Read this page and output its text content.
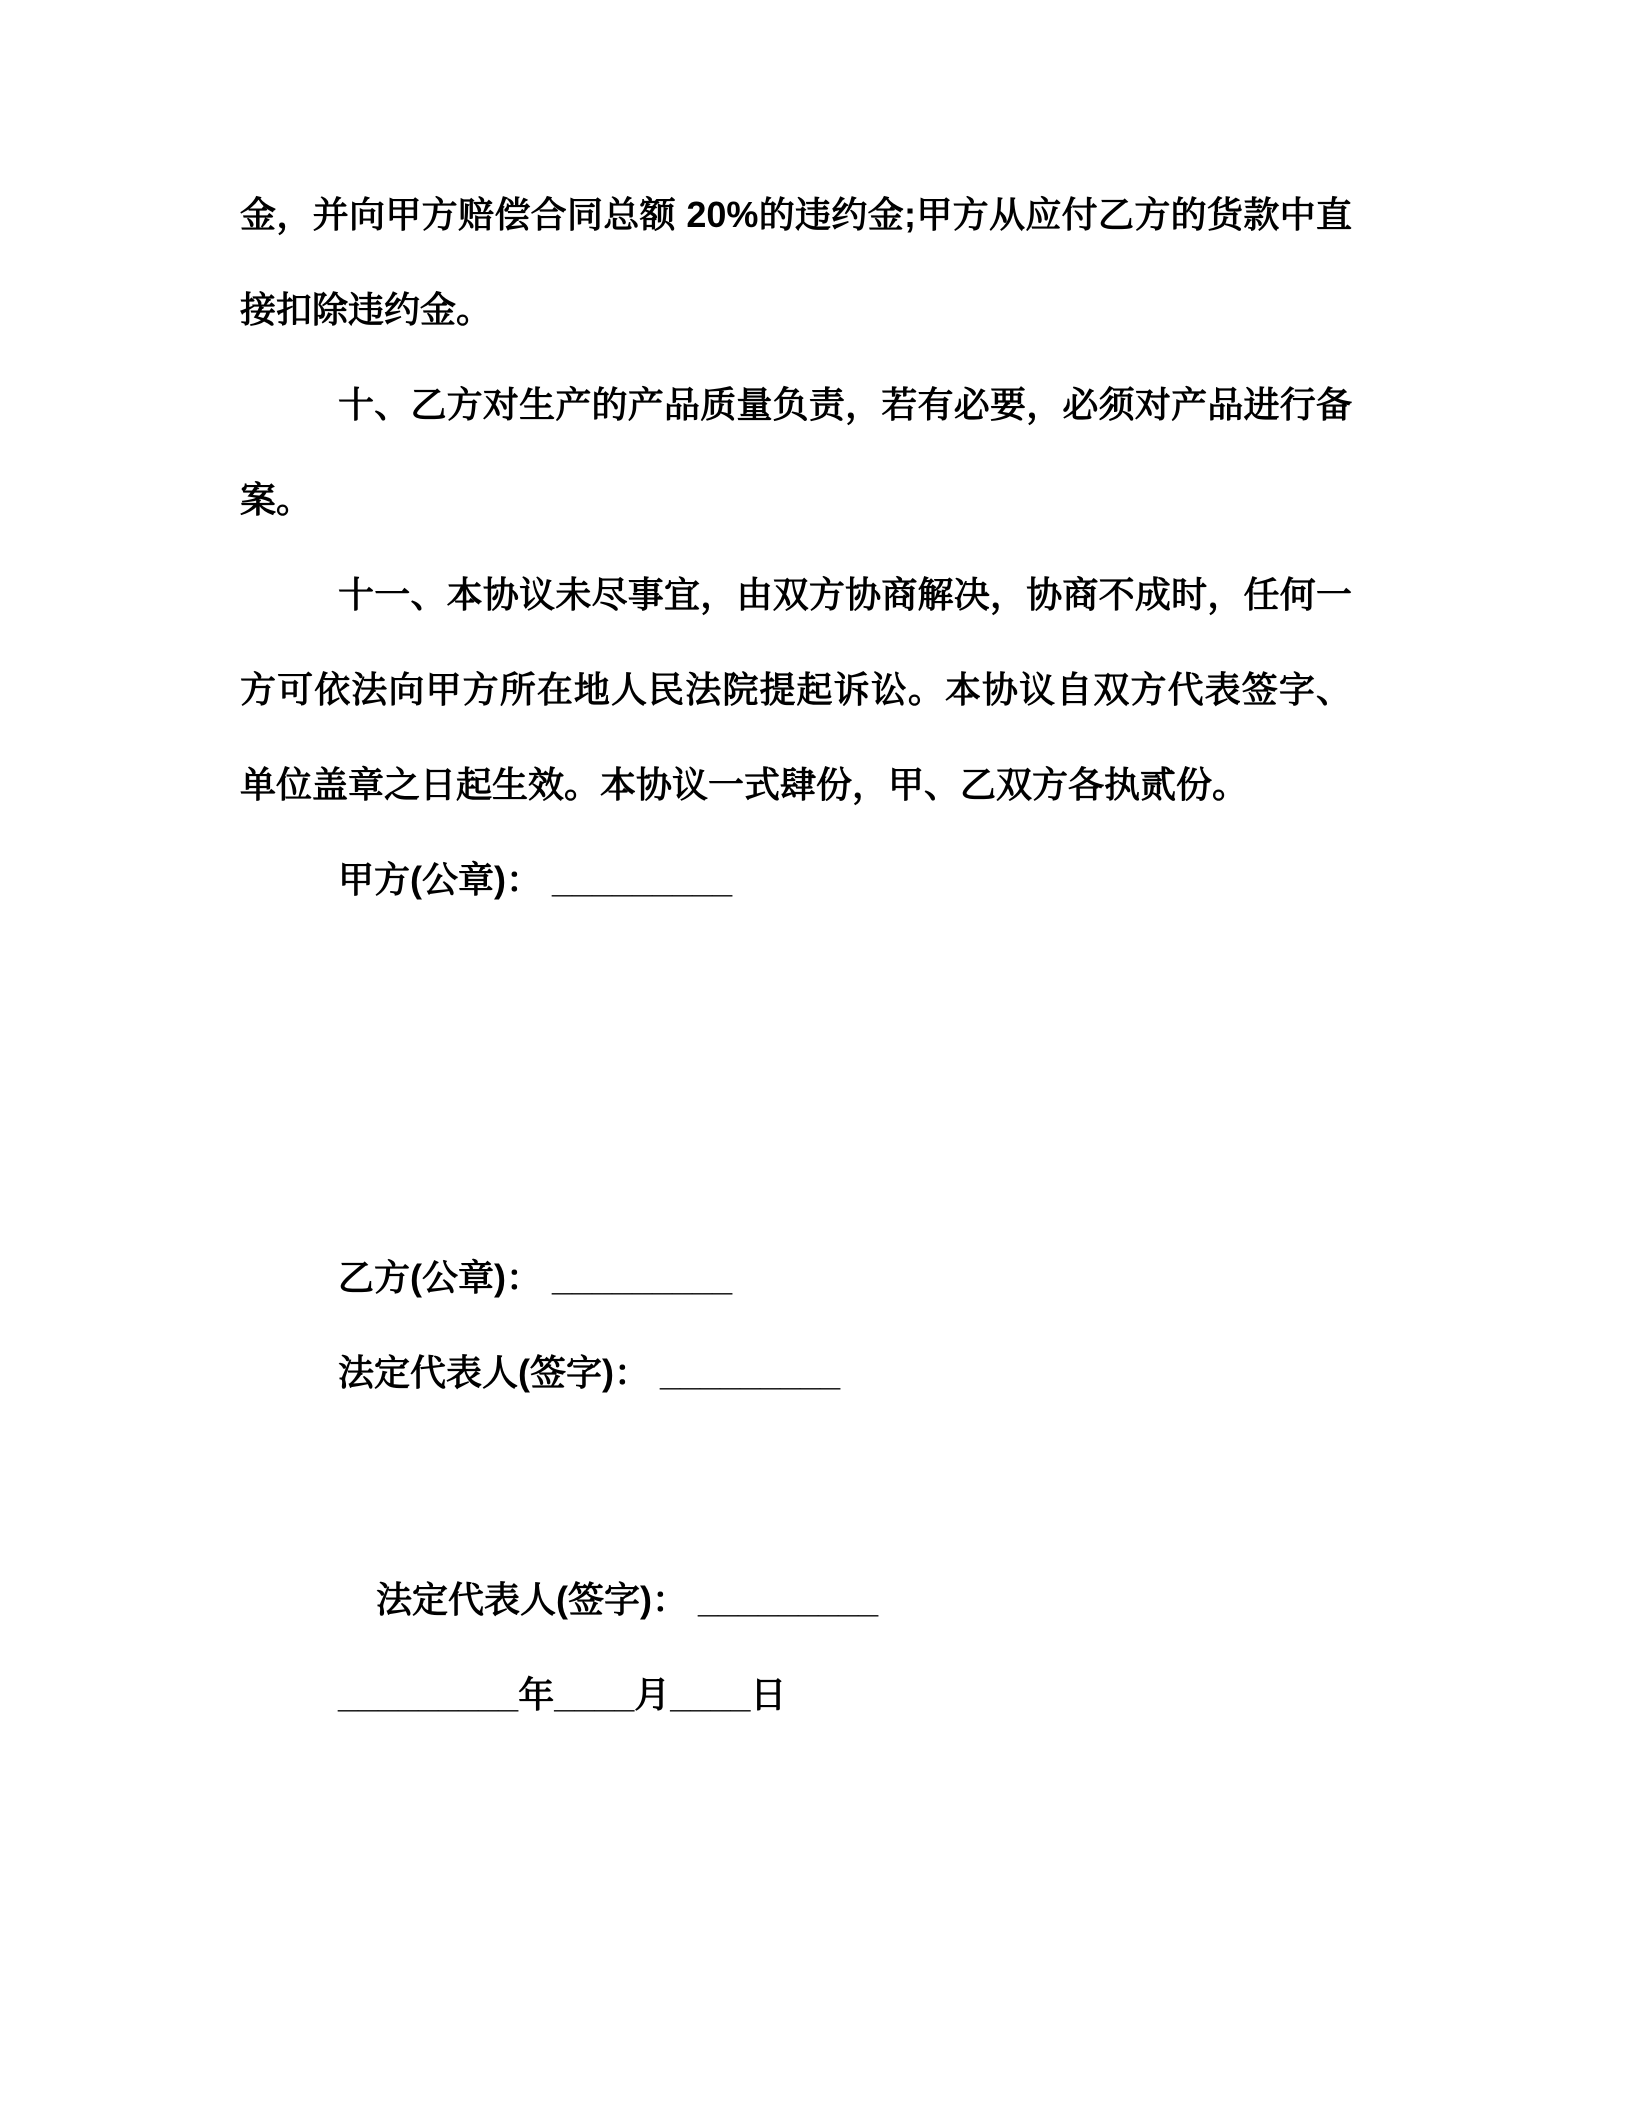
金，并向甲方赔偿合同总额 20%的违约金;甲方从应付乙方的货款中直接扣除违约金。

十、乙方对生产的产品质量负责，若有必要，必须对产品进行备案。

十一、本协议未尽事宜，由双方协商解决，协商不成时，任何一方可依法向甲方所在地人民法院提起诉讼。本协议自双方代表签字、单位盖章之日起生效。本协议一式肆份，甲、乙双方各执贰份。

甲方(公章)： _________

乙方(公章)： _________

法定代表人(签字)： _________

法定代表人(签字)： _________

_________年____月____日
